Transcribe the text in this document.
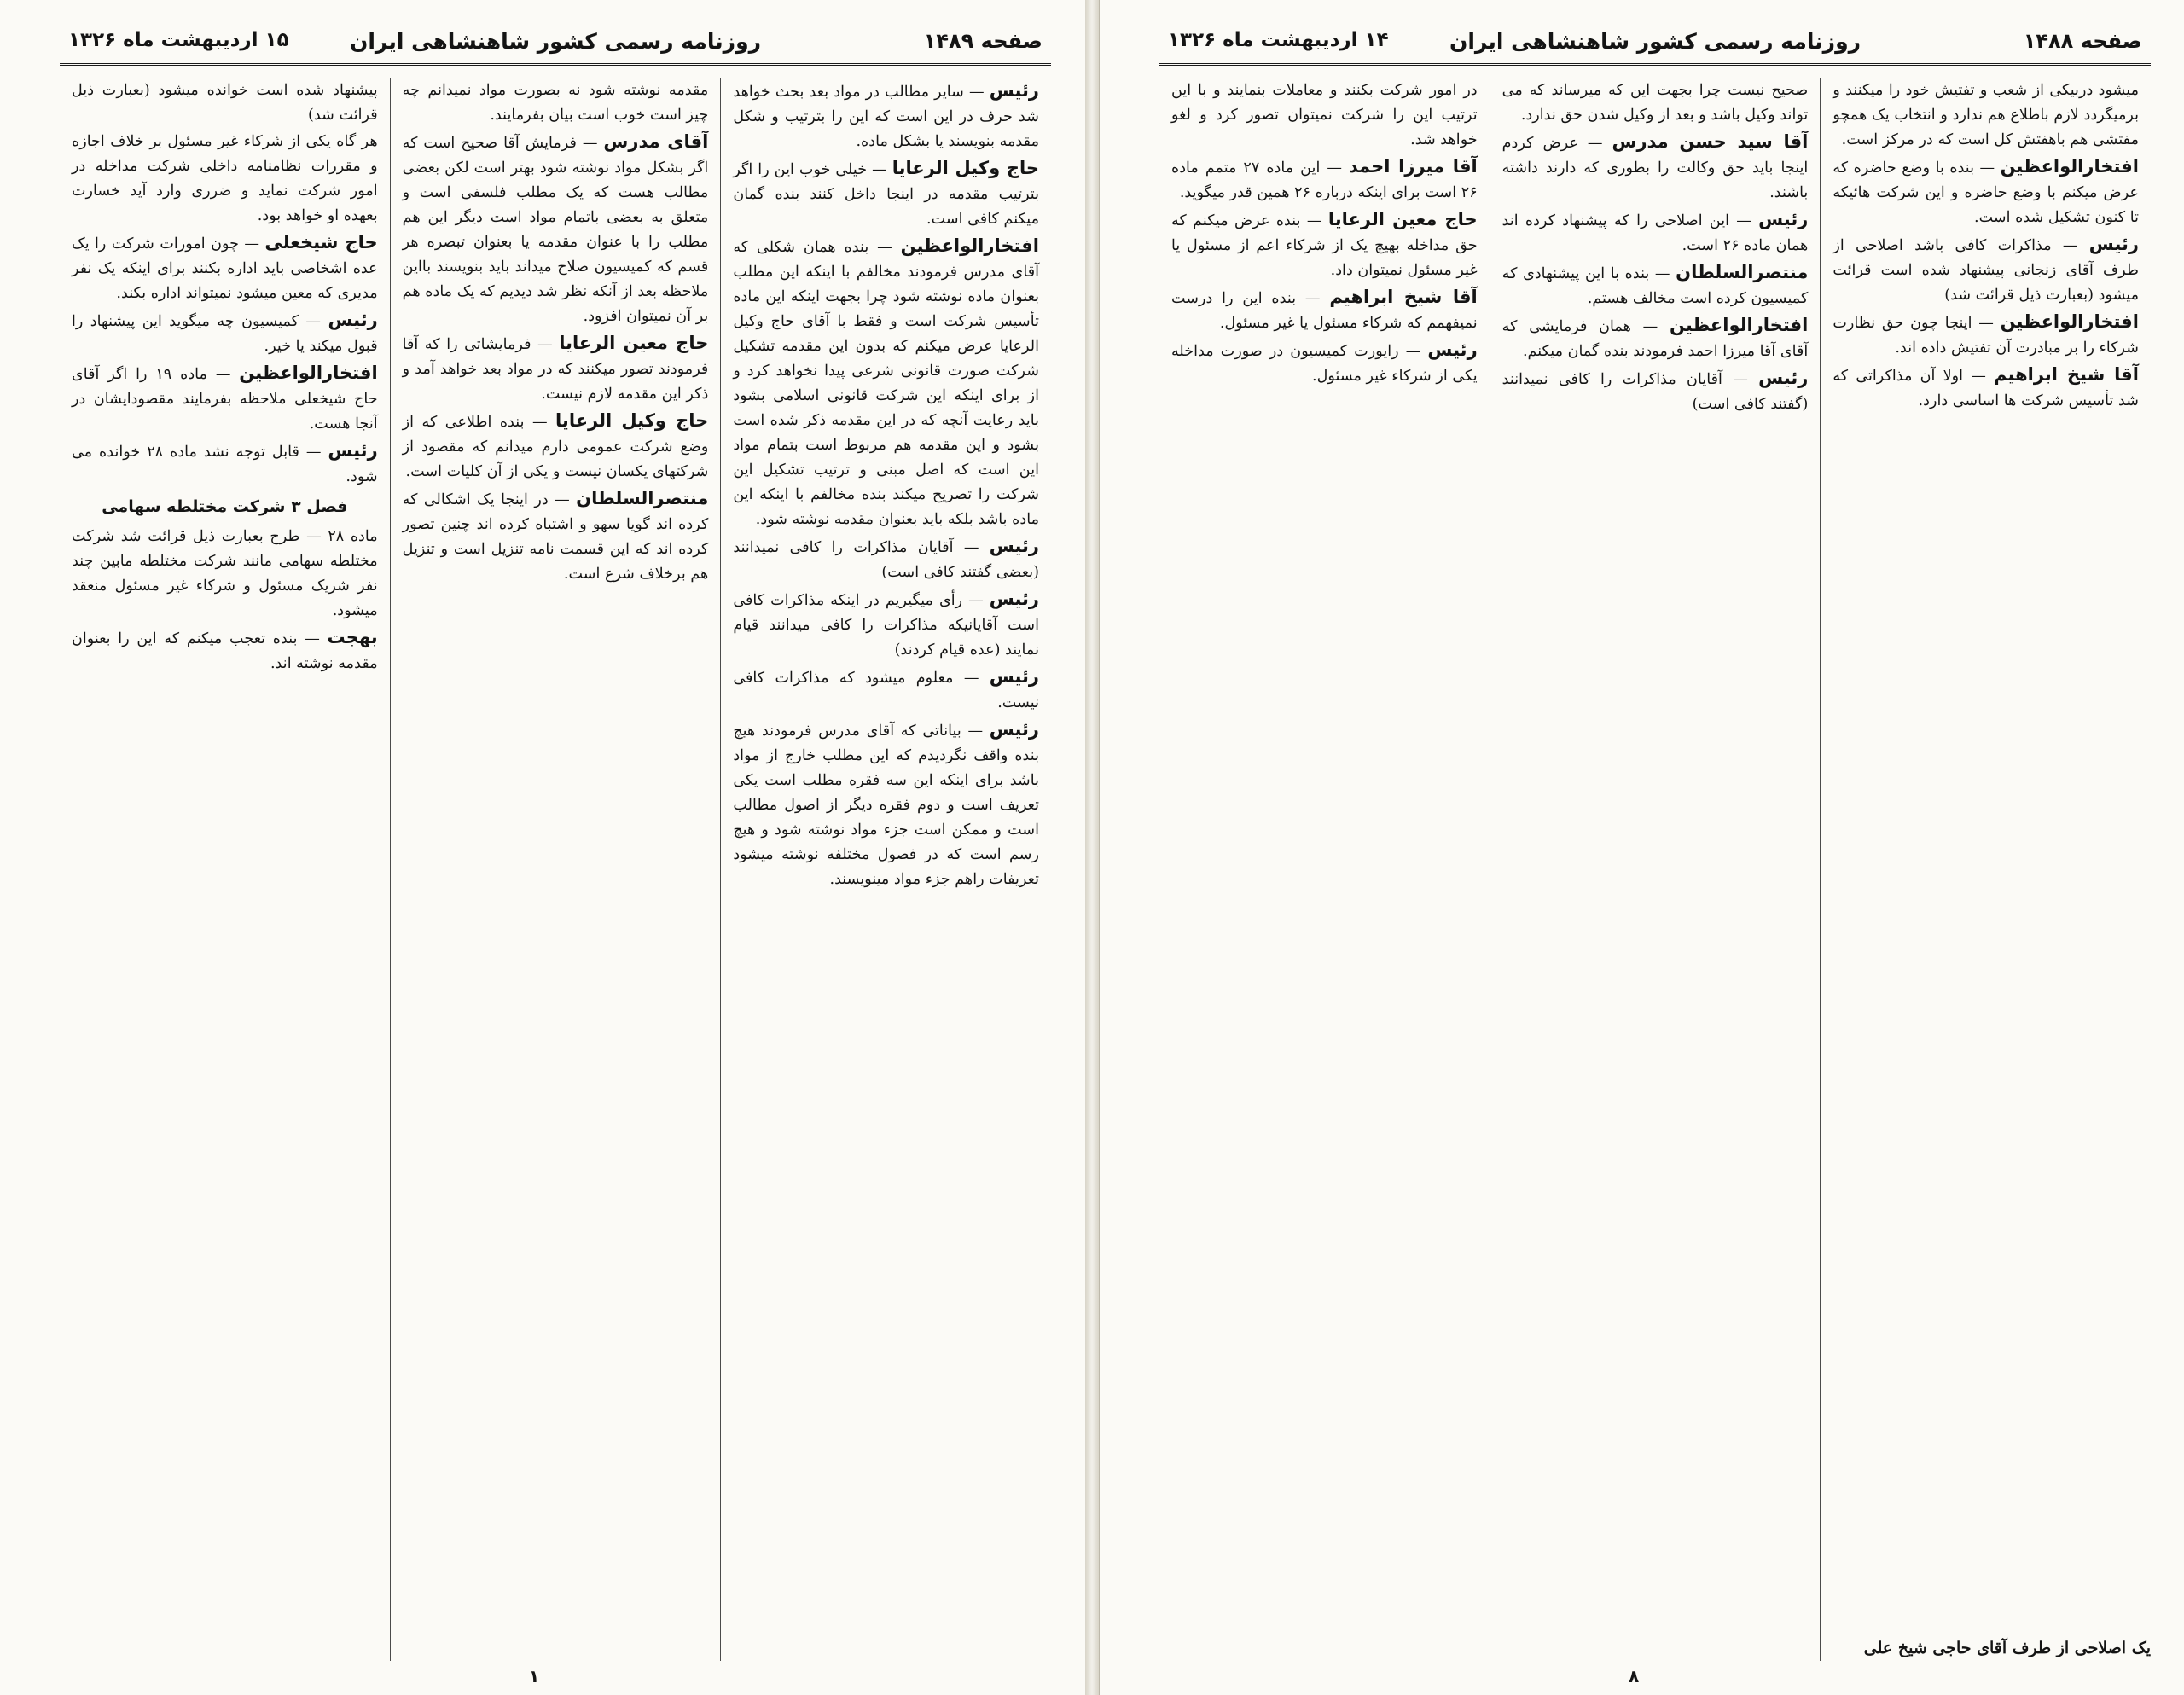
صفحه ۱۴۸۹
روزنامه رسمی کشور شاهنشاهی ایران
۱۵ اردیبهشت ماه ۱۳۲۶

رئیس — سایر مطالب در مواد بعد بحث خواهد شد حرف در این است که این را بترتیب و شکل مقدمه بنویسند یا بشکل ماده.

حاج وکیل الرعایا — خیلی خوب این را اگر بترتیب مقدمه در اینجا داخل کنند بنده گمان میکنم کافی است.

افتخارالواعظین — بنده همان شکلی که آقای مدرس فرمودند مخالفم با اینکه این مطلب بعنوان ماده نوشته شود چرا بجهت اینکه این ماده تأسیس شرکت است و فقط با آقای حاج وکیل الرعایا عرض میکنم که بدون این مقدمه تشکیل شرکت صورت قانونی شرعی پیدا نخواهد کرد و از برای اینکه این شرکت قانونی اسلامی بشود باید رعایت آنچه که در این مقدمه ذکر شده است بشود و این مقدمه هم مربوط است بتمام مواد این است که اصل مبنی و ترتیب تشکیل این شرکت را تصریح میکند بنده مخالفم با اینکه این ماده باشد بلکه باید بعنوان مقدمه نوشته شود.

رئیس — آقایان مذاکرات را کافی نمیدانند (بعضی گفتند کافی است)

رئیس — رأی میگیریم در اینکه مذاکرات کافی است آقایانیکه مذاکرات را کافی میدانند قیام نمایند (عده قیام کردند)

رئیس — معلوم میشود که مذاکرات کافی نیست.

رئیس — بیاناتی که آقای مدرس فرمودند هیچ بنده واقف نگردیدم که این مطلب خارج از مواد باشد برای اینکه این سه فقره مطلب است یکی تعریف است و دوم فقره دیگر از اصول مطالب است و ممکن است جزء مواد نوشته شود و هیچ رسم است که در فصول مختلفه نوشته میشود تعریفات راهم جزء مواد مینویسند.

مقدمه نوشته شود نه بصورت مواد نمیدانم چه چیز است خوب است بیان بفرمایند.

آقای مدرس — فرمایش آقا صحیح است که اگر بشکل مواد نوشته شود بهتر است لکن بعضی مطالب هست که یک مطلب فلسفی است و متعلق به بعضی باتمام مواد است دیگر این هم مطلب را با عنوان مقدمه یا بعنوان تبصره هر قسم که کمیسیون صلاح میداند باید بنویسند بااین ملاحظه بعد از آنکه نظر شد دیدیم که یک ماده هم بر آن نمیتوان افزود.

حاج معین الرعایا — فرمایشاتی را که آقا فرمودند تصور میکنند که در مواد بعد خواهد آمد و ذکر این مقدمه لازم نیست.

حاج وکیل الرعایا — بنده اطلاعی که از وضع شرکت عمومی دارم میدانم که مقصود از شرکتهای یکسان نیست و یکی از آن کلیات است.

منتصرالسلطان — در اینجا یک اشکالی که کرده اند گویا سهو و اشتباه کرده اند چنین تصور کرده اند که این قسمت نامه تنزیل است و تنزیل هم برخلاف شرع است.

پیشنهاد شده است خوانده میشود (بعبارت ذیل قرائت شد)

هر گاه یکی از شرکاء غیر مسئول بر خلاف اجازه و مقررات نظامنامه داخلی شرکت مداخله در امور شرکت نماید و ضرری وارد آید خسارت بعهده او خواهد بود.

حاج شیخعلی — چون امورات شرکت را یک عده اشخاصی باید اداره بکنند برای اینکه یک نفر مدیری که معین میشود نمیتواند اداره بکند.

رئیس — کمیسیون چه میگوید این پیشنهاد را قبول میکند یا خیر.

افتخارالواعظین — ماده ۱۹ را اگر آقای حاج شیخعلی ملاحظه بفرمایند مقصودایشان در آنجا هست.

رئیس — قابل توجه نشد ماده ۲۸ خوانده می شود.

فصل ۳ شرکت مختلطه سهامی

ماده ۲۸ — طرح بعبارت ذیل قرائت شد شرکت مختلطه سهامی مانند شرکت مختلطه مابین چند نفر شریک مسئول و شرکاء غیر مسئول منعقد میشود.

بهجت — بنده تعجب میکنم که این را بعنوان مقدمه نوشته اند.

۱
صفحه ۱۴۸۸
روزنامه رسمی کشور شاهنشاهی ایران
۱۴ اردیبهشت ماه ۱۳۲۶

میشود دربیکی از شعب و تفتیش خود را میکنند و برمیگردد لازم باطلاع هم ندارد و انتخاب یک همچو مفتشی هم باهفتش کل است که در مرکز است.

افتخارالواعظین — بنده با وضع حاضره که عرض میکنم با وضع حاضره و این شرکت هائیکه تا کنون تشکیل شده است.

رئیس — مذاکرات کافی باشد اصلاحی از طرف آقای زنجانی پیشنهاد شده است قرائت میشود (بعبارت ذیل قرائت شد)

افتخارالواعظین — اینجا چون حق نظارت شرکاء را بر مبادرت آن تفتیش داده اند.

آقا شیخ ابراهیم — اولا آن مذاکراتی که شد تأسیس شرکت ها اساسی دارد.

صحیح نیست چرا بجهت این که میرساند که می تواند وکیل باشد و بعد از وکیل شدن حق ندارد.

آقا سید حسن مدرس — عرض کردم اینجا باید حق وکالت را بطوری که دارند داشته باشند.

رئیس — این اصلاحی را که پیشنهاد کرده اند همان ماده ۲۶ است.

منتصرالسلطان — بنده با این پیشنهادی که کمیسیون کرده است مخالف هستم.

افتخارالواعظین — همان فرمایشی که آقای آقا میرزا احمد فرمودند بنده گمان میکنم.

رئیس — آقایان مذاکرات را کافی نمیدانند (گفتند کافی است)

در امور شرکت بکنند و معاملات بنمایند و با این ترتیب این را شرکت نمیتوان تصور کرد و لغو خواهد شد.

آقا میرزا احمد — این ماده ۲۷ متمم ماده ۲۶ است برای اینکه درباره ۲۶ همین قدر میگوید.

حاج معین الرعایا — بنده عرض میکنم که حق مداخله بهیچ یک از شرکاء اعم از مسئول یا غیر مسئول نمیتوان داد.

آقا شیخ ابراهیم — بنده این را درست نمیفهمم که شرکاء مسئول یا غیر مسئول.

رئیس — رایورت کمیسیون در صورت مداخله یکی از شرکاء غیر مسئول.

یک اصلاحی از طرف آقای حاجی شیخ علی
۸
